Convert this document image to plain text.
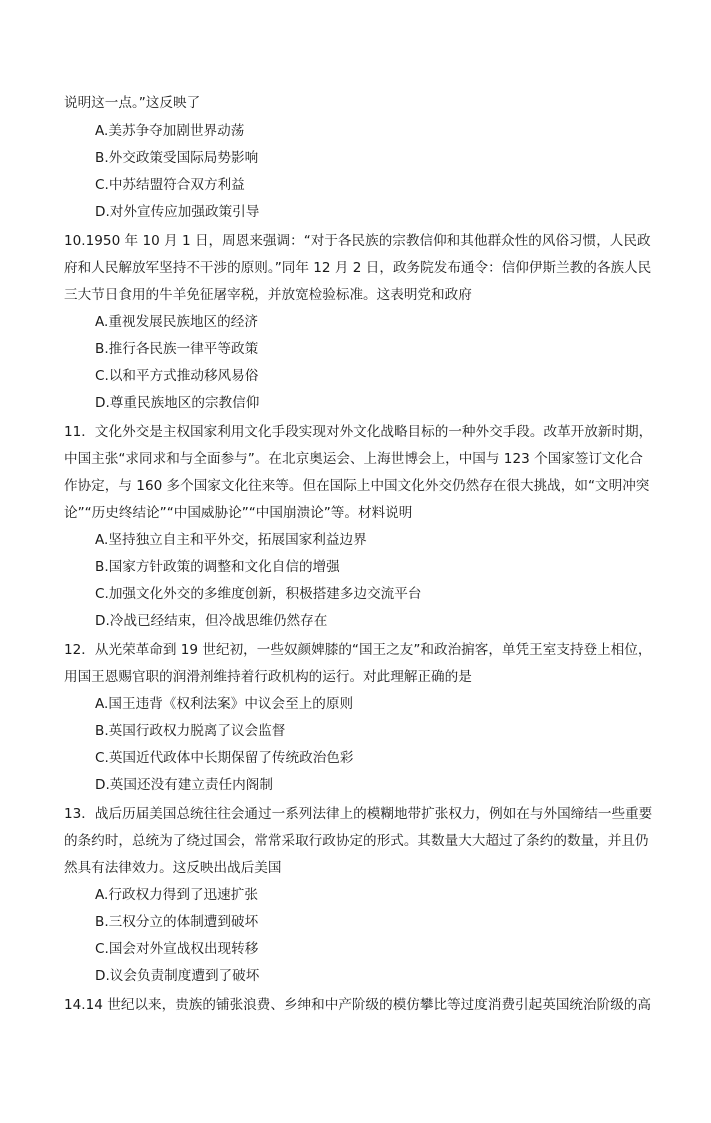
说明这一点。”这反映了
A.美苏争夺加剧世界动荡
B.外交政策受国际局势影响
C.中苏结盟符合双方利益
D.对外宣传应加强政策引导
10.1950 年 10 月 1 日，周恩来强调：“对于各民族的宗教信仰和其他群众性的风俗习惯，人民政
府和人民解放军坚持不干涉的原则。”同年 12 月 2 日，政务院发布通令：信仰伊斯兰教的各族人民
三大节日食用的牛羊免征屠宰税，并放宽检验标准。这表明党和政府
A.重视发展民族地区的经济
B.推行各民族一律平等政策
C.以和平方式推动移风易俗
D.尊重民族地区的宗教信仰
11．文化外交是主权国家利用文化手段实现对外文化战略目标的一种外交手段。改革开放新时期，
中国主张“求同求和与全面参与”。在北京奥运会、上海世博会上，中国与 123 个国家签订文化合
作协定，与 160 多个国家文化往来等。但在国际上中国文化外交仍然存在很大挑战，如“文明冲突
论”“历史终结论”“中国威胁论”“中国崩溃论”等。材料说明
A.坚持独立自主和平外交，拓展国家利益边界
B.国家方针政策的调整和文化自信的增强
C.加强文化外交的多维度创新，积极搭建多边交流平台
D.冷战已经结束，但冷战思维仍然存在
12．从光荣革命到 19 世纪初，一些奴颜婢膝的“国王之友”和政治掮客，单凭王室支持登上相位，
用国王恩赐官职的润滑剂维持着行政机构的运行。对此理解正确的是
A.国王违背《权利法案》中议会至上的原则
B.英国行政权力脱离了议会监督
C.英国近代政体中长期保留了传统政治色彩
D.英国还没有建立责任内阁制
13．战后历届美国总统往往会通过一系列法律上的模糊地带扩张权力，例如在与外国缔结一些重要
的条约时，总统为了绕过国会，常常采取行政协定的形式。其数量大大超过了条约的数量，并且仍
然具有法律效力。这反映出战后美国
A.行政权力得到了迅速扩张
B.三权分立的体制遭到破坏
C.国会对外宣战权出现转移
D.议会负责制度遭到了破坏
14.14 世纪以来，贵族的铺张浪费、乡绅和中产阶级的模仿攀比等过度消费引起英国统治阶级的高
